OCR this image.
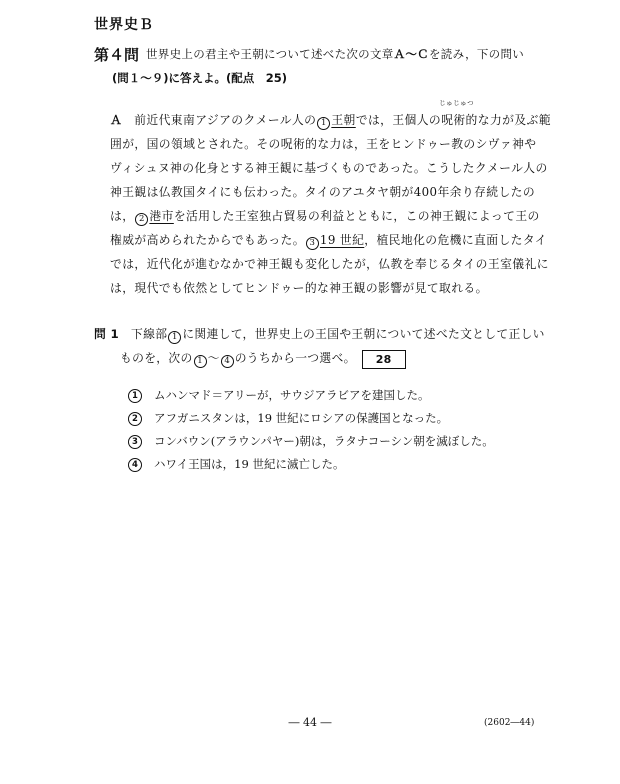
世界史Ｂ
第４問 世界史上の君主や王朝について述べた次の文章Ａ～Ｃを読み，下の問い
(問１～９)に答えよ。(配点　25)
Ａ 前近代東南アジアのクメール人の 1 王朝では，王個人の
じゅじゅつ
呪術的な力が及ぶ範
囲が，国の領域とされた。その呪術的な力は，王をヒンドゥー教のシヴァ神や
ヴィシュヌ神の化身とする神王観に基づくものであった。こうしたクメール人の
神王観は仏教国タイにも伝わった。タイのアユタヤ朝が400年余り存続したの
は， 2 港市を活用した王室独占貿易の利益とともに，この神王観によって王の
権威が高められたからでもあった。 3 19 世紀，植民地化の危機に直面したタイ
では，近代化が進むなかで神王観も変化したが，仏教を奉じるタイの王室儀礼に
は，現代でも依然としてヒンドゥー的な神王観の影響が見て取れる。
問 1 下線部 1 に関連して，世界史上の王国や王朝について述べた文として正しい
ものを，次の 1 ～ 4 のうちから一つ選べ。 28
1	ムハンマド＝アリーが，サウジアラビアを建国した。
2	アフガニスタンは，19 世紀にロシアの保護国となった。
3	コンバウン(アラウンパヤー)朝は，ラタナコーシン朝を滅ぼした。
4	ハワイ王国は，19 世紀に滅亡した。
― 44 ―	(2602―44)
